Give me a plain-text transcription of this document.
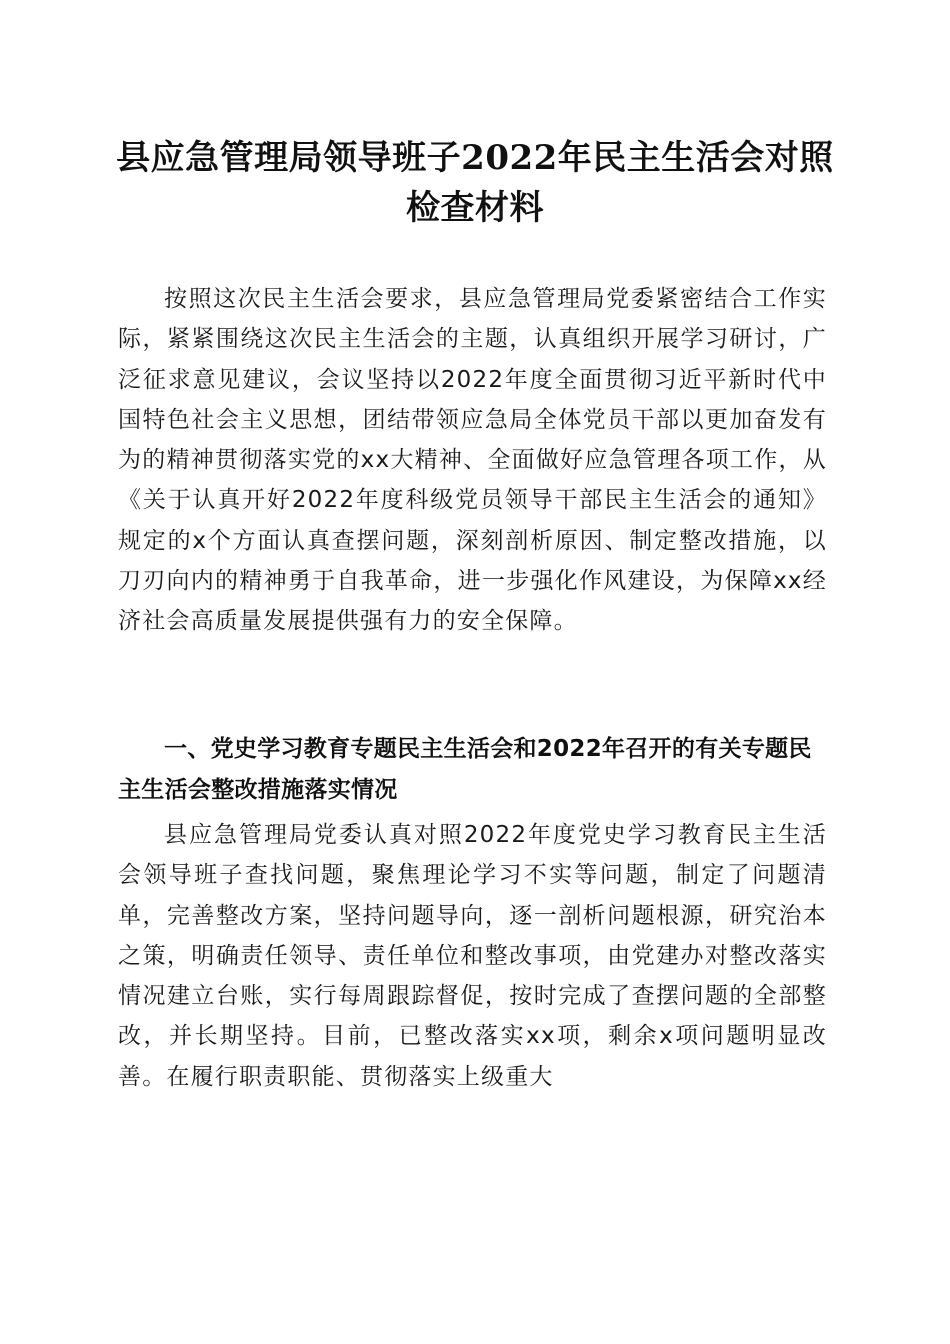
县应急管理局领导班子2022年民主生活会对照检查材料

按照这次民主生活会要求，县应急管理局党委紧密结合工作实际，紧紧围绕这次民主生活会的主题，认真组织开展学习研讨，广泛征求意见建议，会议坚持以2022年度全面贯彻习近平新时代中国特色社会主义思想，团结带领应急局全体党员干部以更加奋发有为的精神贯彻落实党的xx大精神、全面做好应急管理各项工作，从《关于认真开好2022年度科级党员领导干部民主生活会的通知》规定的x个方面认真查摆问题，深刻剖析原因、制定整改措施，以刀刃向内的精神勇于自我革命，进一步强化作风建设，为保障xx经济社会高质量发展提供强有力的安全保障。

一、党史学习教育专题民主生活会和2022年召开的有关专题民主生活会整改措施落实情况

县应急管理局党委认真对照2022年度党史学习教育民主生活会领导班子查找问题，聚焦理论学习不实等问题，制定了问题清单，完善整改方案，坚持问题导向，逐一剖析问题根源，研究治本之策，明确责任领导、责任单位和整改事项，由党建办对整改落实情况建立台账，实行每周跟踪督促，按时完成了查摆问题的全部整改，并长期坚持。目前，已整改落实xx项，剩余x项问题明显改善。在履行职责职能、贯彻落实上级重大
